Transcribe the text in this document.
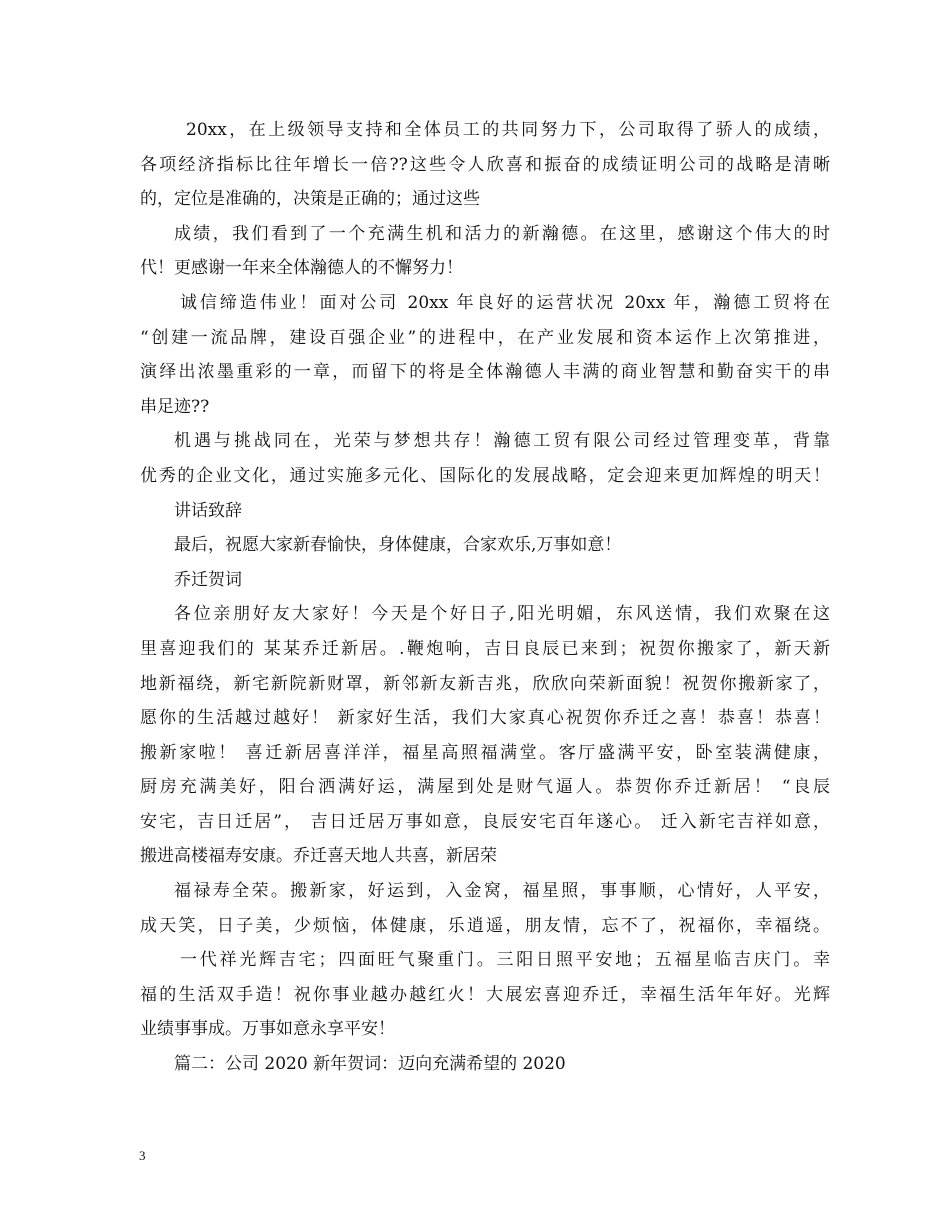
20xx，在上级领导支持和全体员工的共同努力下，公司取得了骄人的成绩，
各项经济指标比往年增长一倍??这些令人欣喜和振奋的成绩证明公司的战略是清晰
的，定位是准确的，决策是正确的；通过这些
成绩，我们看到了一个充满生机和活力的新瀚德。在这里，感谢这个伟大的时
代！更感谢一年来全体瀚德人的不懈努力！
诚信缔造伟业！面对公司 20xx 年良好的运营状况 20xx 年，瀚德工贸将在
“创建一流品牌，建设百强企业”的进程中，在产业发展和资本运作上次第推进，
演绎出浓墨重彩的一章，而留下的将是全体瀚德人丰满的商业智慧和勤奋实干的串
串足迹??
机遇与挑战同在，光荣与梦想共存！瀚德工贸有限公司经过管理变革，背靠
优秀的企业文化，通过实施多元化、国际化的发展战略，定会迎来更加辉煌的明天！
讲话致辞
最后，祝愿大家新春愉快，身体健康，合家欢乐,万事如意！
乔迁贺词
各位亲朋好友大家好！今天是个好日子,阳光明媚，东风送情，我们欢聚在这
里喜迎我们的 某某乔迁新居。.鞭炮响，吉日良辰已来到；祝贺你搬家了，新天新
地新福绕，新宅新院新财罩，新邻新友新吉兆，欣欣向荣新面貌！祝贺你搬新家了，
愿你的生活越过越好！ 新家好生活，我们大家真心祝贺你乔迁之喜！恭喜！恭喜！
搬新家啦！ 喜迁新居喜洋洋，福星高照福满堂。客厅盛满平安，卧室装满健康，
厨房充满美好，阳台洒满好运，满屋到处是财气逼人。恭贺你乔迁新居！ “良辰
安宅，吉日迁居”， 吉日迁居万事如意，良辰安宅百年遂心。 迁入新宅吉祥如意，
搬进高楼福寿安康。乔迁喜天地人共喜，新居荣
福禄寿全荣。搬新家，好运到，入金窝，福星照，事事顺，心情好，人平安，
成天笑，日子美，少烦恼，体健康，乐逍遥，朋友情，忘不了，祝福你，幸福绕。
一代祥光辉吉宅；四面旺气聚重门。三阳日照平安地；五福星临吉庆门。幸
福的生活双手造！祝你事业越办越红火！大展宏喜迎乔迁，幸福生活年年好。光辉
业绩事事成。万事如意永享平安！
篇二：公司 2020 新年贺词：迈向充满希望的 2020
3
